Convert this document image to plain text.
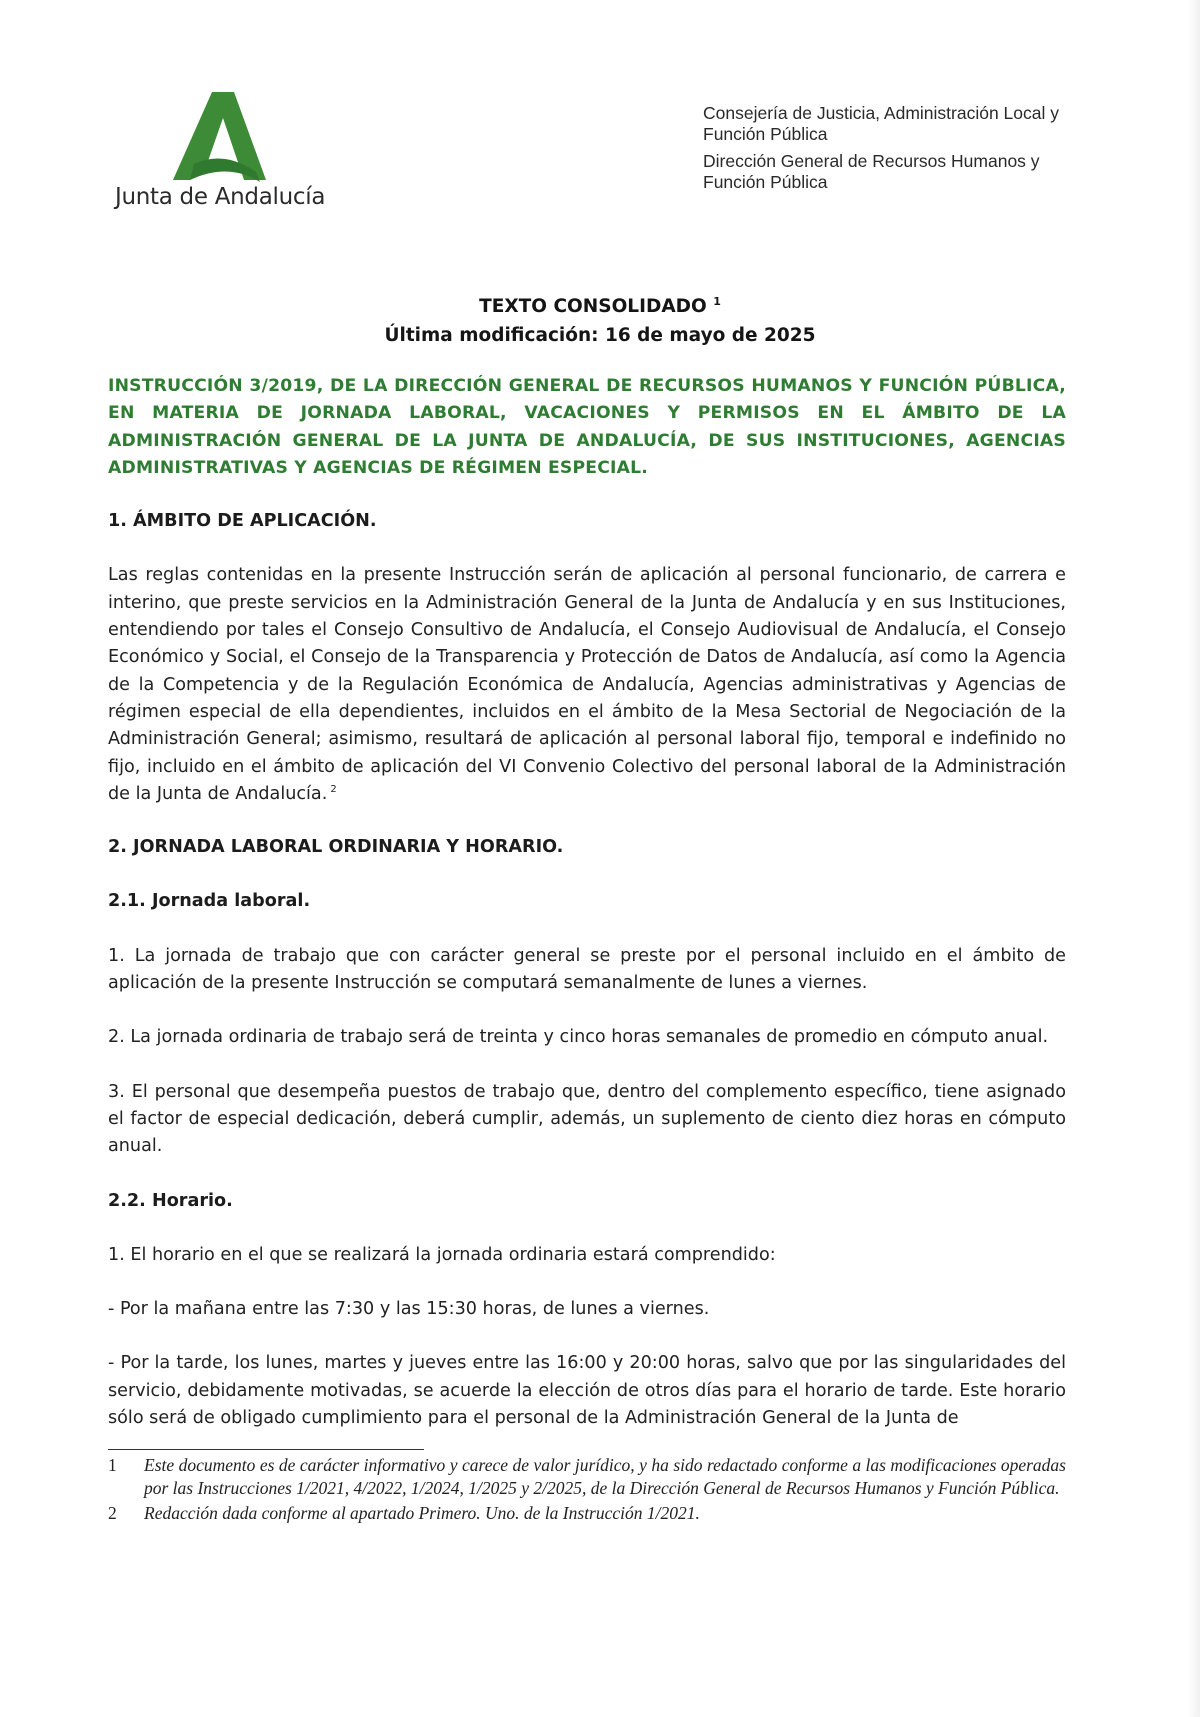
Junta de Andalucía

Consejería de Justicia, Administración Local y Función Pública

Dirección General de Recursos Humanos y Función Pública

TEXTO CONSOLIDADO $^1$
Última modificación: 16 de mayo de 2025

INSTRUCCIÓN 3/2019, DE LA DIRECCIÓN GENERAL DE RECURSOS HUMANOS Y FUNCIÓN PÚBLICA, EN MATERIA DE JORNADA LABORAL, VACACIONES Y PERMISOS EN EL ÁMBITO DE LA ADMINISTRACIÓN GENERAL DE LA JUNTA DE ANDALUCÍA, DE SUS INSTITUCIONES, AGENCIAS ADMINISTRATIVAS Y AGENCIAS DE RÉGIMEN ESPECIAL.

1. ÁMBITO DE APLICACIÓN.

Las reglas contenidas en la presente Instrucción serán de aplicación al personal funcionario, de carrera e interino, que preste servicios en la Administración General de la Junta de Andalucía y en sus Instituciones, entendiendo por tales el Consejo Consultivo de Andalucía, el Consejo Audiovisual de Andalucía, el Consejo Económico y Social, el Consejo de la Transparencia y Protección de Datos de Andalucía, así como la Agencia de la Competencia y de la Regulación Económica de Andalucía, Agencias administrativas y Agencias de régimen especial de ella dependientes, incluidos en el ámbito de la Mesa Sectorial de Negociación de la Administración General; asimismo, resultará de aplicación al personal laboral fijo, temporal e indefinido no fijo, incluido en el ámbito de aplicación del VI Convenio Colectivo del personal laboral de la Administración de la Junta de Andalucía. $^2$

2. JORNADA LABORAL ORDINARIA Y HORARIO.

2.1. Jornada laboral.

1. La jornada de trabajo que con carácter general se preste por el personal incluido en el ámbito de aplicación de la presente Instrucción se computará semanalmente de lunes a viernes.

2. La jornada ordinaria de trabajo será de treinta y cinco horas semanales de promedio en cómputo anual.

3. El personal que desempeña puestos de trabajo que, dentro del complemento específico, tiene asignado el factor de especial dedicación, deberá cumplir, además, un suplemento de ciento diez horas en cómputo anual.

2.2. Horario.

1. El horario en el que se realizará la jornada ordinaria estará comprendido:

- Por la mañana entre las 7:30 y las 15:30 horas, de lunes a viernes.

- Por la tarde, los lunes, martes y jueves entre las 16:00 y 20:00 horas, salvo que por las singularidades del servicio, debidamente motivadas, se acuerde la elección de otros días para el horario de tarde. Este horario sólo será de obligado cumplimiento para el personal de la Administración General de la Junta de

1	Este documento es de carácter informativo y carece de valor jurídico, y ha sido redactado conforme a las modificaciones operadas por las Instrucciones 1/2021, 4/2022, 1/2024, 1/2025 y 2/2025, de la Dirección General de Recursos Humanos y Función Pública.
2	Redacción dada conforme al apartado Primero. Uno. de la Instrucción 1/2021.
